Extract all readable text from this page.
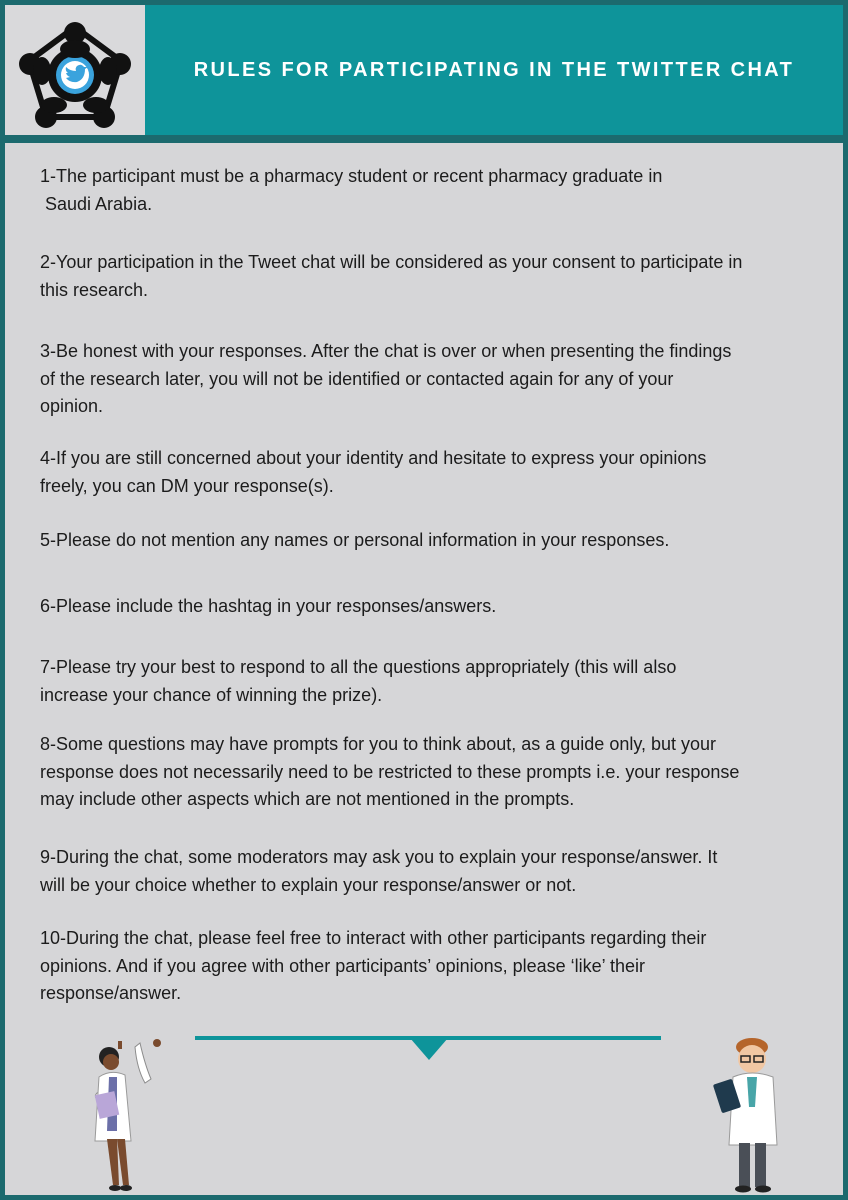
RULES FOR PARTICIPATING IN THE TWITTER CHAT
1-The participant must be a pharmacy student or recent pharmacy graduate in
Saudi Arabia.
2-Your participation in the Tweet chat will be considered as your consent to participate in
this research.
3-Be honest with your responses. After the chat is over or when presenting the findings
of the research later, you will not be identified or contacted again for any of your
opinion.
4-If you are still concerned about your identity and hesitate to express your opinions
freely, you can DM your response(s).
5-Please do not mention any names or personal information in your responses.
6-Please include the hashtag in your responses/answers.
7-Please try your best to respond to all the questions appropriately (this will also
increase your chance of winning the prize).
8-Some questions may have prompts for you to think about, as a guide only, but your
response does not necessarily need to be restricted to these prompts i.e. your response
may include other aspects which are not mentioned in the prompts.
9-During the chat, some moderators may ask you to explain your response/answer. It
will be your choice whether to explain your response/answer or not.
10-During the chat, please feel free to interact with other participants regarding their
opinions. And if you agree with other participants’ opinions, please ‘like’ their
response/answer.
